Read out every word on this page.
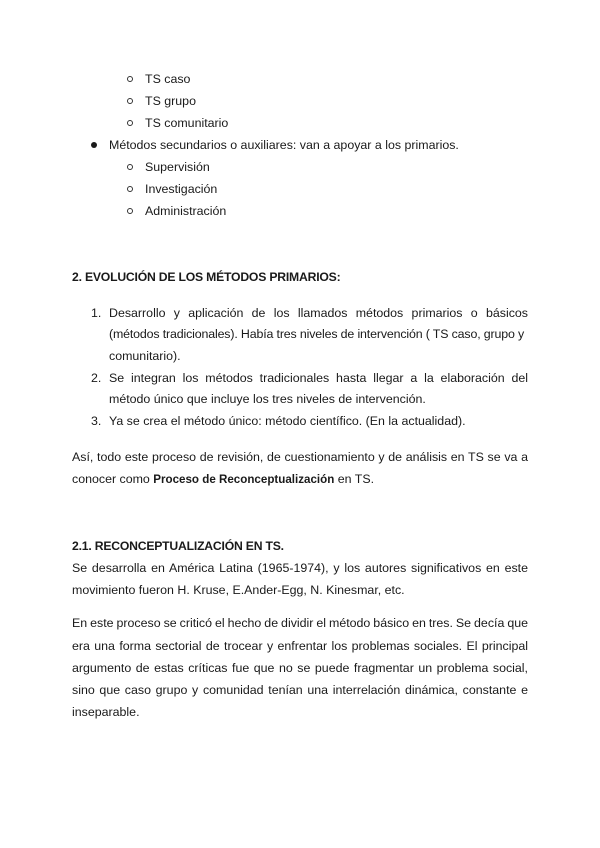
TS caso
TS grupo
TS comunitario
Métodos secundarios o auxiliares: van a apoyar a los primarios.
Supervisión
Investigación
Administración
2. EVOLUCIÓN DE LOS MÉTODOS PRIMARIOS:
1. Desarrollo y aplicación de los llamados métodos primarios o básicos
(métodos tradicionales). Había tres niveles de intervención ( TS caso, grupo y
comunitario).
2. Se integran los métodos tradicionales hasta llegar a la elaboración del
método único que incluye los tres niveles de intervención.
3. Ya se crea el método único: método científico. (En la actualidad).
Así, todo este proceso de revisión, de cuestionamiento y de análisis en TS se va a
conocer como Proceso de Reconceptualización en TS.
2.1. RECONCEPTUALIZACIÓN EN TS.
Se desarrolla en América Latina (1965-1974), y los autores significativos en este
movimiento fueron H. Kruse, E.Ander-Egg, N. Kinesmar, etc.
En este proceso se criticó el hecho de dividir el método básico en tres. Se decía que
era una forma sectorial de trocear y enfrentar los problemas sociales. El principal
argumento de estas críticas fue que no se puede fragmentar un problema social,
sino que caso grupo y comunidad tenían una interrelación dinámica, constante e
inseparable.
